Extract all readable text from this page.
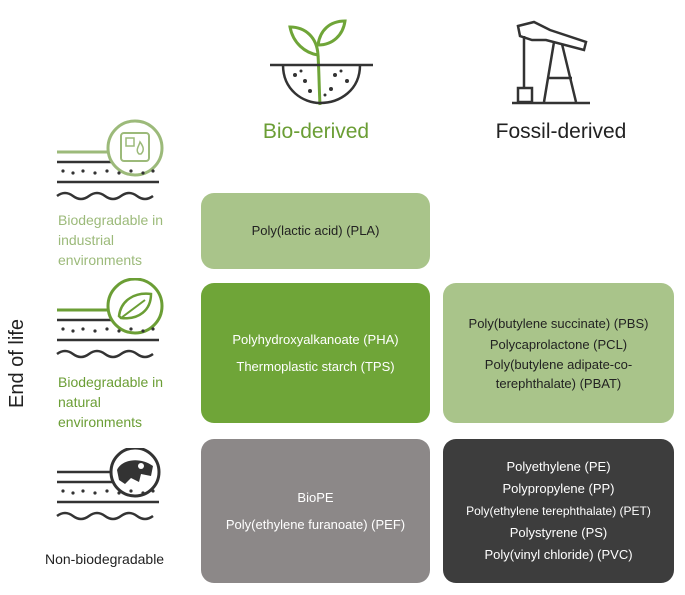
Bio-derived	Fossil-derived
End of life
Biodegradable in industrial environments
Biodegradable in natural environments
Non-biodegradable
Poly(lactic acid) (PLA)
Polyhydroxyalkanoate (PHA)
Thermoplastic starch (TPS)
Poly(butylene succinate) (PBS)
Polycaprolactone (PCL)
Poly(butylene adipate-co-
terephthalate) (PBAT)
BioPE
Poly(ethylene furanoate) (PEF)
Polyethylene (PE)
Polypropylene (PP)
Poly(ethylene terephthalate) (PET)
Polystyrene (PS)
Poly(vinyl chloride) (PVC)
